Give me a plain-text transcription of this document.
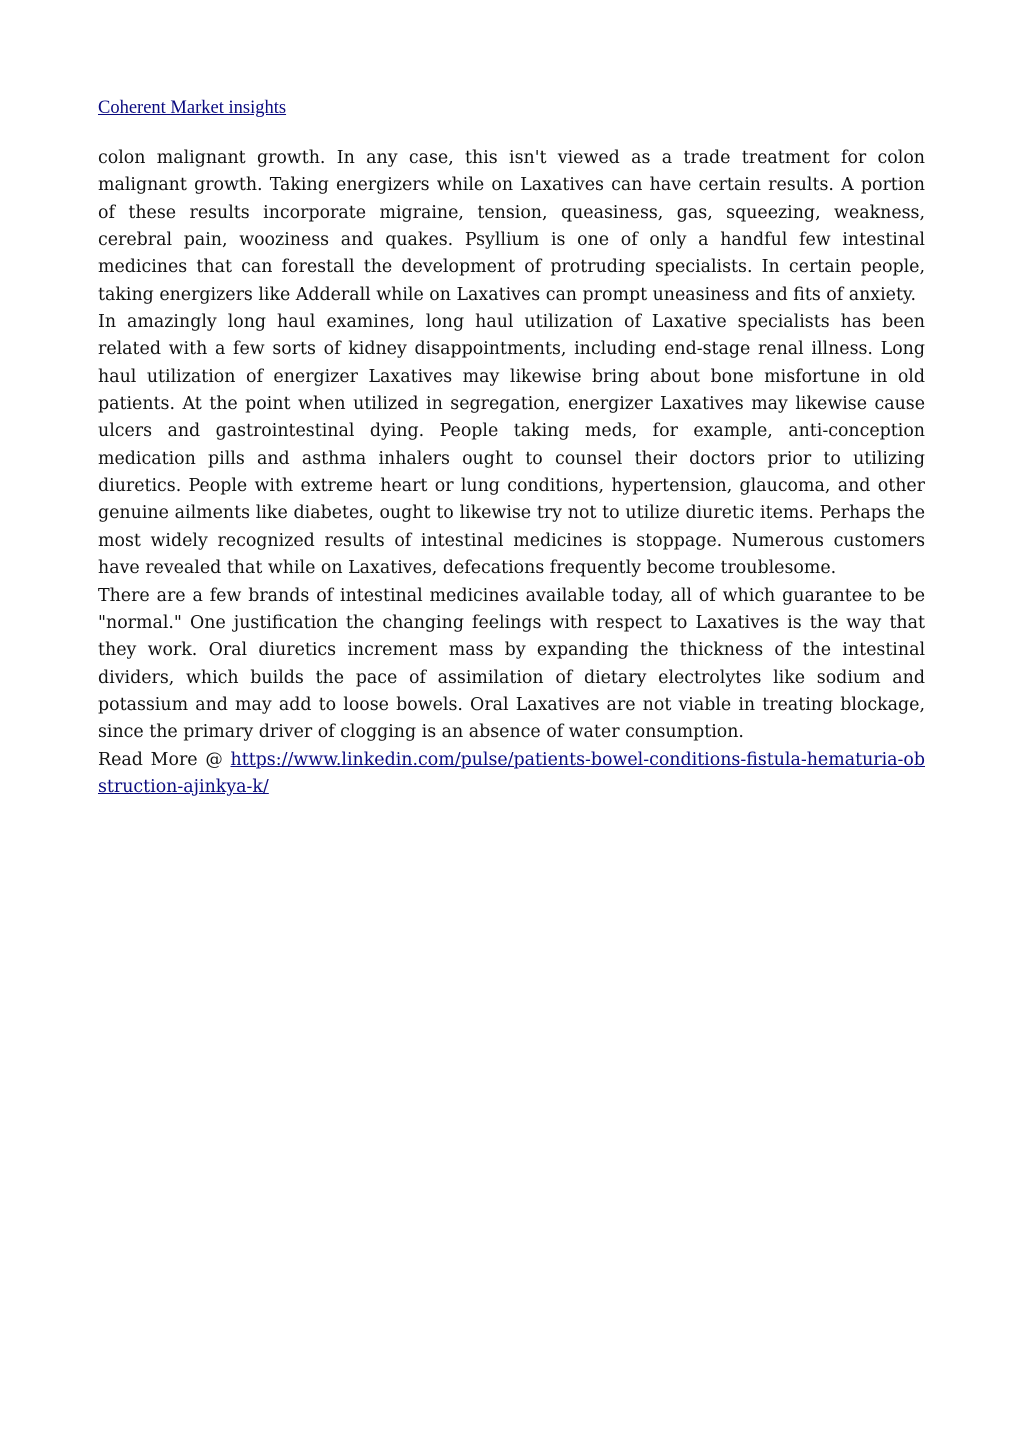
Coherent Market insights

colon malignant growth. In any case, this isn't viewed as a trade treatment for colon malignant growth. Taking energizers while on Laxatives can have certain results. A portion of these results incorporate migraine, tension, queasiness, gas, squeezing, weakness, cerebral pain, wooziness and quakes. Psyllium is one of only a handful few intestinal medicines that can forestall the development of protruding specialists. In certain people, taking energizers like Adderall while on Laxatives can prompt uneasiness and fits of anxiety.

In amazingly long haul examines, long haul utilization of Laxative specialists has been related with a few sorts of kidney disappointments, including end-stage renal illness. Long haul utilization of energizer Laxatives may likewise bring about bone misfortune in old patients. At the point when utilized in segregation, energizer Laxatives may likewise cause ulcers and gastrointestinal dying. People taking meds, for example, anti-conception medication pills and asthma inhalers ought to counsel their doctors prior to utilizing diuretics. People with extreme heart or lung conditions, hypertension, glaucoma, and other genuine ailments like diabetes, ought to likewise try not to utilize diuretic items. Perhaps the most widely recognized results of intestinal medicines is stoppage. Numerous customers have revealed that while on Laxatives, defecations frequently become troublesome.

There are a few brands of intestinal medicines available today, all of which guarantee to be "normal." One justification the changing feelings with respect to Laxatives is the way that they work. Oral diuretics increment mass by expanding the thickness of the intestinal dividers, which builds the pace of assimilation of dietary electrolytes like sodium and potassium and may add to loose bowels. Oral Laxatives are not viable in treating blockage, since the primary driver of clogging is an absence of water consumption.

Read More @ https://www.linkedin.com/pulse/patients-bowel-conditions-fistula-hematuria-obstruction-ajinkya-k/
